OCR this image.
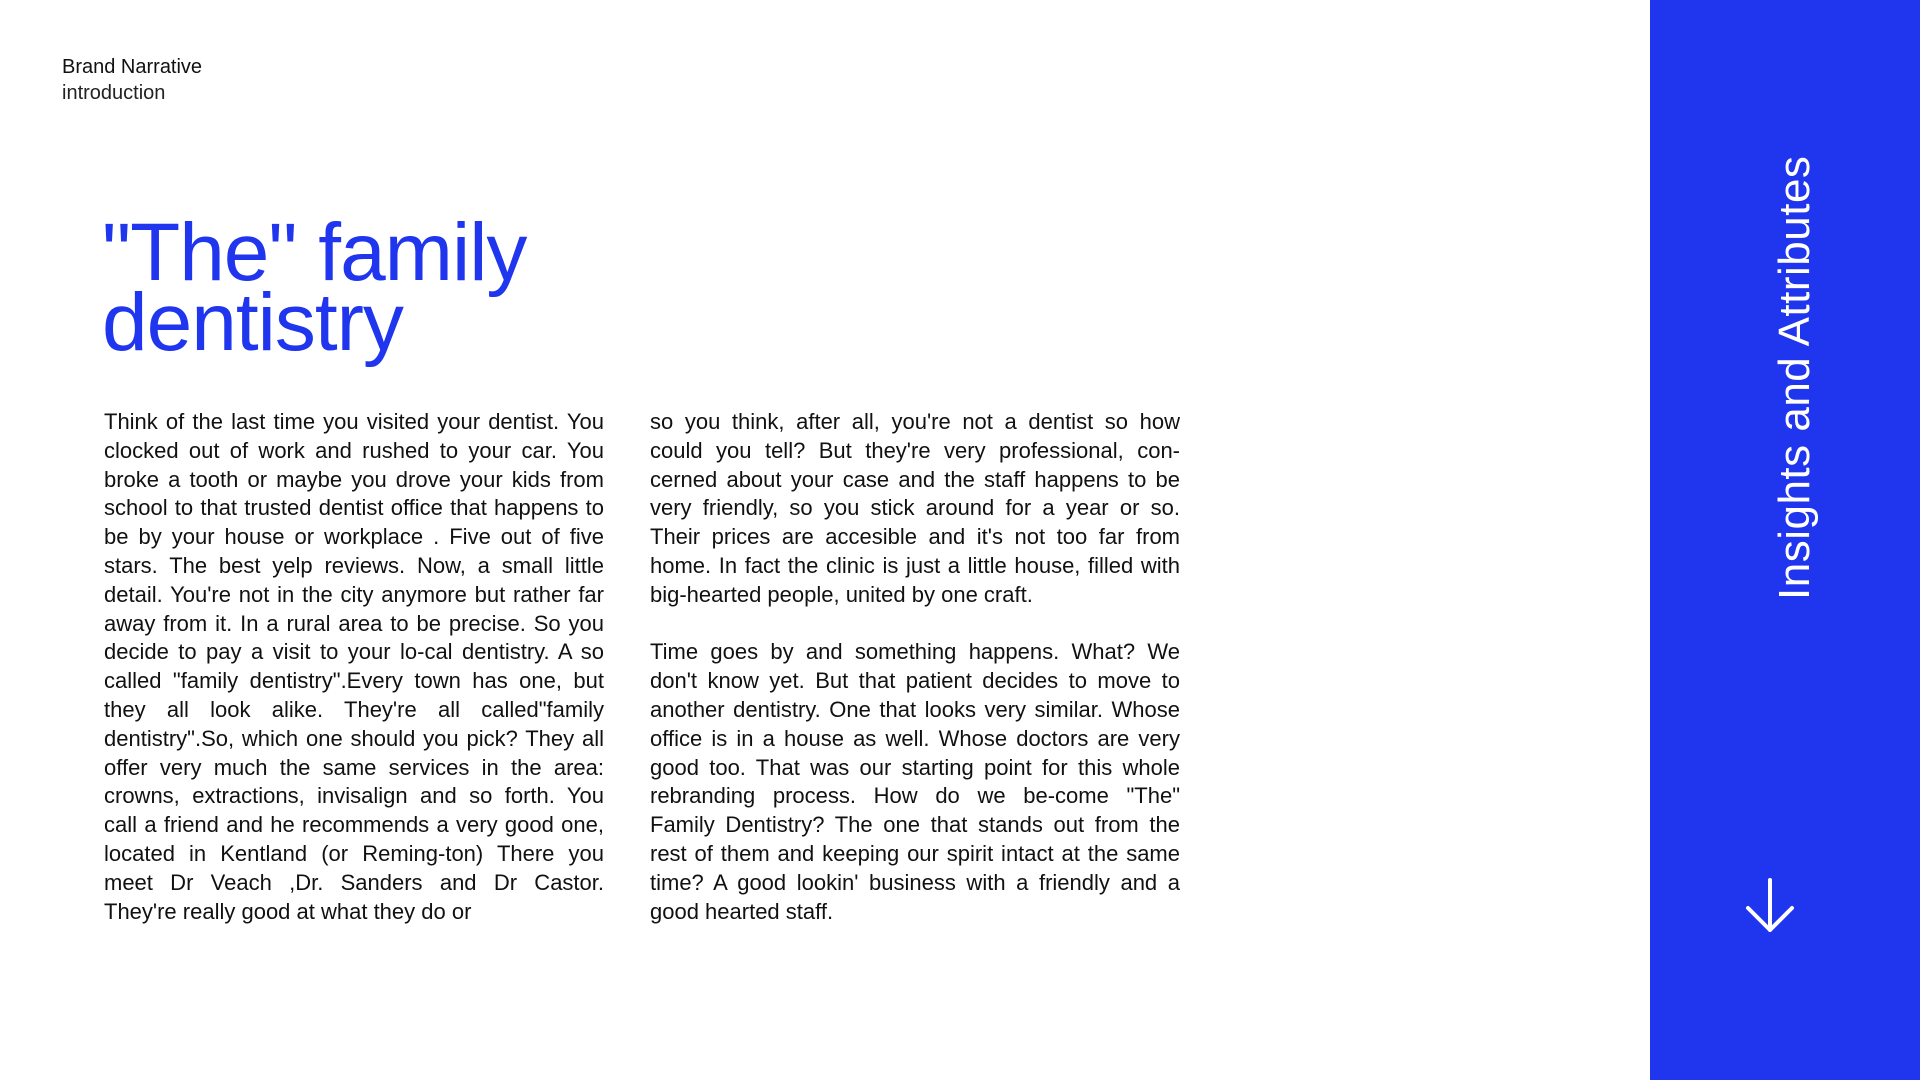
Brand Narrative
introduction
"The" family
dentistry

Think of the last time you visited your dentist. You clocked out of work and rushed to your car. You broke a tooth or maybe you drove your kids from school to that trusted dentist office that happens to be by your house or workplace . Five out of five stars. The best yelp reviews. Now, a small little detail. You're not in the city anymore but rather far away from it. In a rural area to be precise. So you decide to pay a visit to your lo-cal dentistry. A so called "family dentistry".Every town has one, but they all look alike. They're all called"family dentistry".So, which one should you pick? They all offer very much the same services in the area: crowns, extractions, invisalign and so forth. You call a friend and he recommends a very good one, located in Kentland (or Reming-ton) There you meet Dr Veach ,Dr. Sanders and Dr Castor. They're really good at what they do or

so you think, after all, you're not a dentist so how could you tell? But they're very professional, con-cerned about your case and the staff happens to be very friendly, so you stick around for a year or so. Their prices are accesible and it's not too far from home. In fact the clinic is just a little house, filled with big-hearted people, united by one craft.

Time goes by and something happens. What? We don't know yet. But that patient decides to move to another dentistry. One that looks very similar. Whose office is in a house as well. Whose doctors are very good too. That was our starting point for this whole rebranding process. How do we be-come "The" Family Dentistry? The one that stands out from the rest of them and keeping our spirit intact at the same time? A good lookin' business with a friendly and a good hearted staff.

Insights and Attributes
